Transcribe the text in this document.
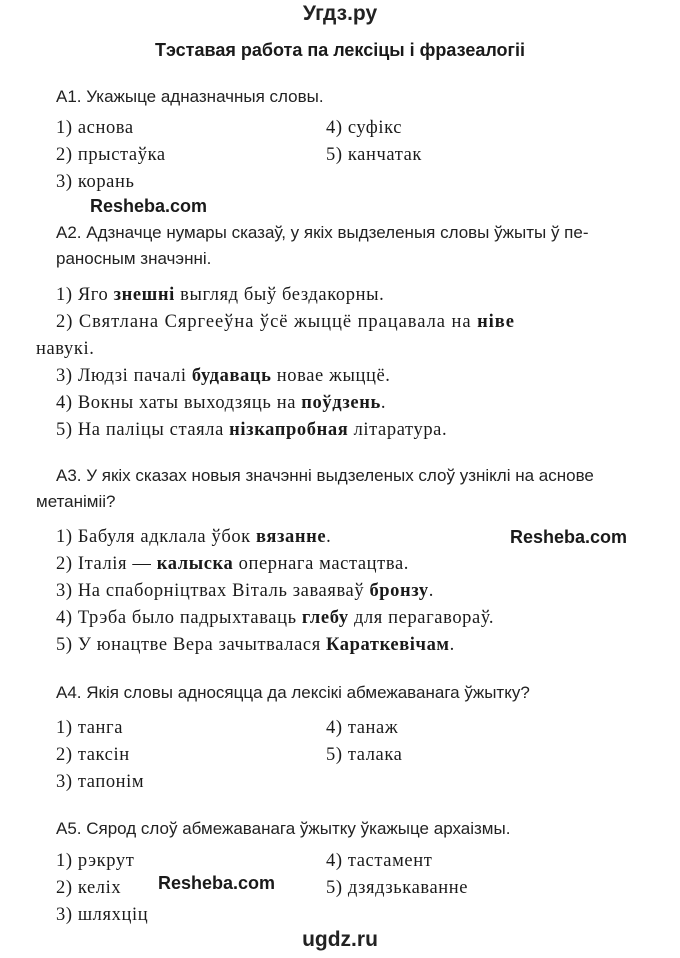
Угдз.ру
Тэставая работа па лексіцы і фразеалогіі
А1. Укажыце адназначныя словы.
1) аснова
2) прыстаўка
3) корань
4) суфікс
5) канчатак
Resheba.com
А2. Адзначце нумары сказаў, у якіх выдзеленыя словы ўжыты ў пе-
раносным значэнні.
1) Яго знешні выгляд быў бездакорны.
2) Святлана Сяргееўна ўсё жыццё працавала на ніве
навукі.
3) Людзі пачалі будаваць новае жыццё.
4) Вокны хаты выходзяць на поўдзень.
5) На паліцы стаяла нізкапробная літаратура.
А3. У якіх сказах новыя значэнні выдзеленых слоў узніклі на аснове
метаніміі?
1) Бабуля адклала ўбок вязанне.	Resheba.com
2) Італія — калыска опернага мастацтва.
3) На спаборніцтвах Віталь заваяваў бронзу.
4) Трэба было падрыхтаваць глебу для перагавораў.
5) У юнацтве Вера зачытвалася Караткевічам.
А4. Якія словы адносяцца да лексікі абмежаванага ўжытку?
1) танга
2) таксін
3) тапонім
4) танаж
5) талака
А5. Сярод слоў абмежаванага ўжытку ўкажыце архаізмы.
1) рэкрут
2) келіх Resheba.com
3) шляхціц
4) тастамент
5) дзядзькаванне
ugdz.ru
